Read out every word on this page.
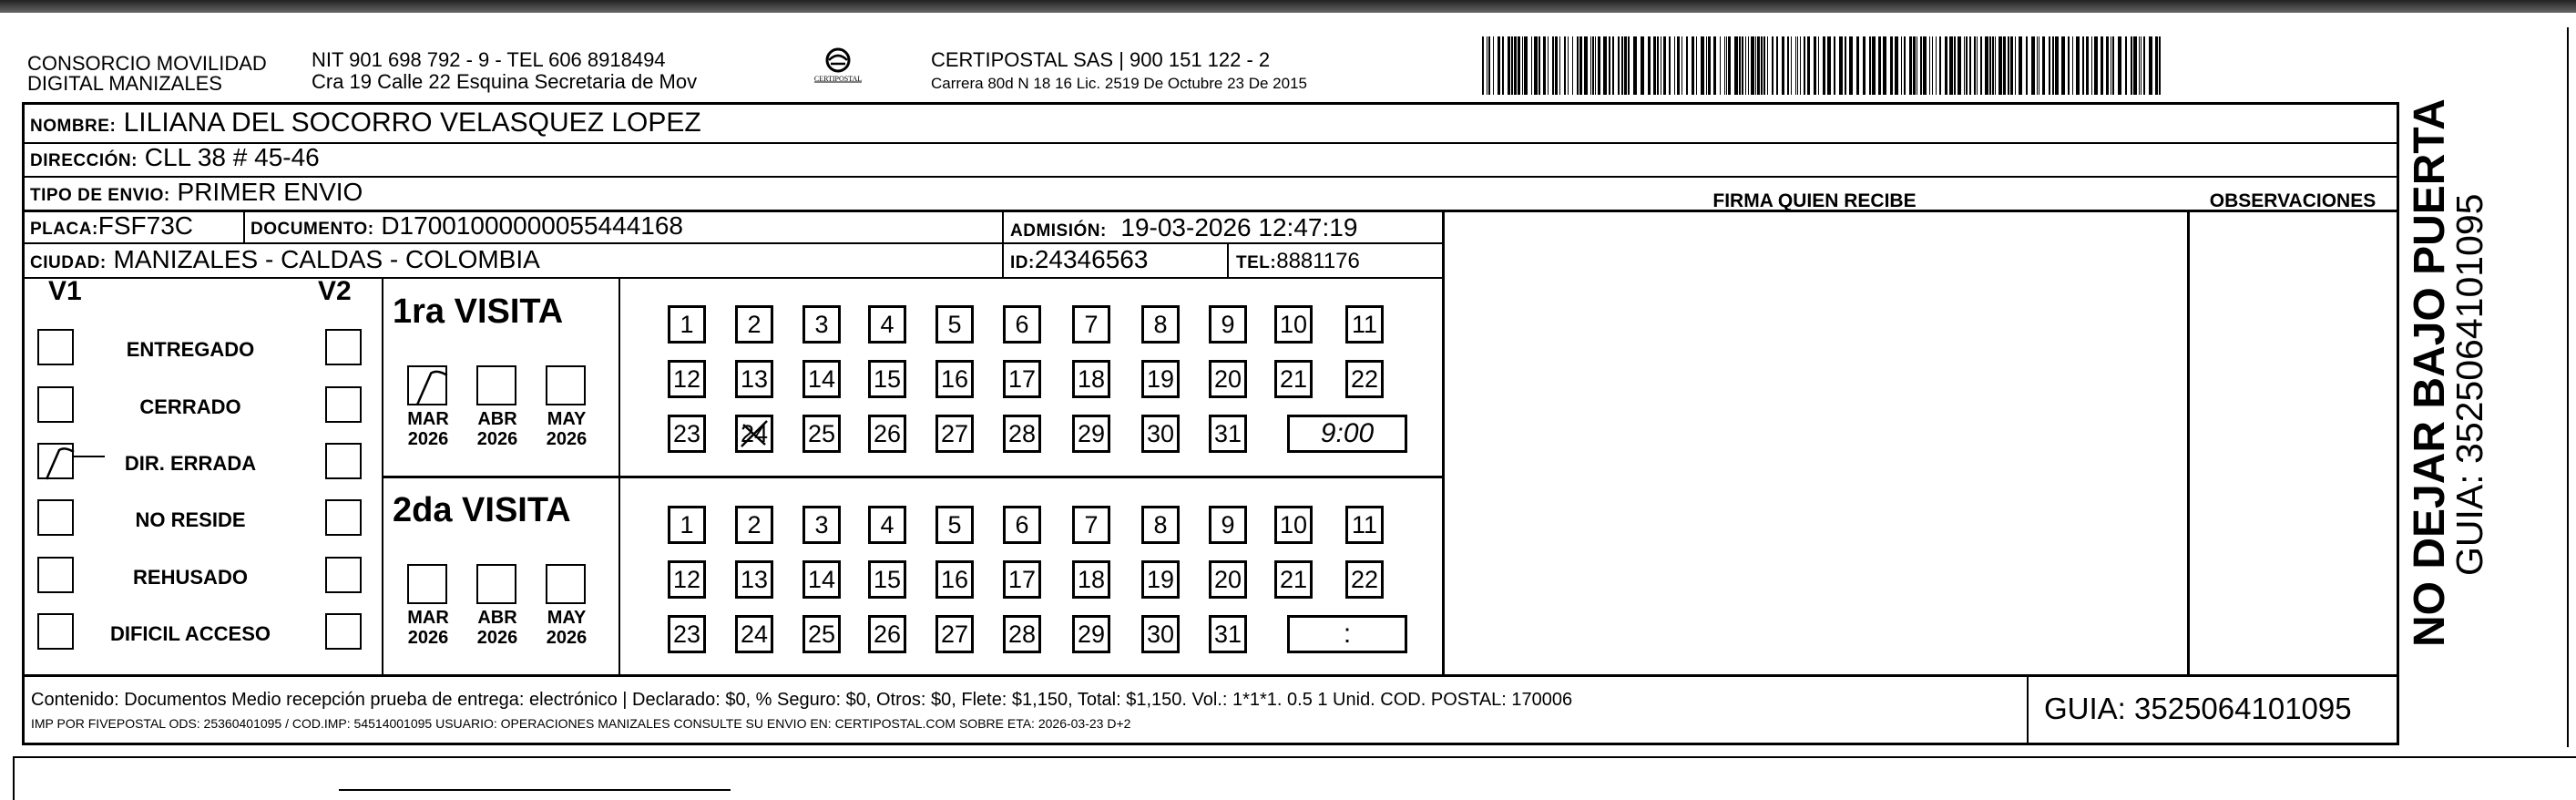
CONSORCIO MOVILIDAD
DIGITAL MANIZALES
NIT 901 698 792 - 9 - TEL 606 8918494
Cra 19 Calle 22 Esquina Secretaria de Mov	CERTIPOSTAL
CERTIPOSTAL SAS | 900 151 122 - 2
Carrera 80d N 18 16 Lic. 2519 De Octubre 23 De 2015
NOMBRE: LILIANA DEL SOCORRO VELASQUEZ LOPEZ
DIRECCIÓN: CLL 38 # 45-46
TIPO DE ENVIO: PRIMER ENVIO
PLACA:FSF73C	DOCUMENTO: D17001000000055444168	ADMISIÓN: 19-03-2026 12:47:19
CIUDAD: MANIZALES - CALDAS - COLOMBIA	ID:24346563	TEL:8881176
FIRMA QUIEN RECIBE	OBSERVACIONES
V1	V2
ENTREGADO
CERRADO
DIR. ERRADA
NO RESIDE
REHUSADO
DIFICIL ACCESO
1ra VISITA
2da VISITA
MAR
2026
ABR
2026
MAY
2026
MAR
2026
ABR
2026
MAY
2026
1	2	3	4	5	6	7	8	9	10 11
12 13 14 15 16 17 18 19 20 21 22
23 24 25 26 27 28 29 30 31	9:00
1	2	3	4	5	6	7	8	9	10 11
12 13 14 15 16 17 18 19 20 21 22
23 24 25 26 27 28 29 30 31	:
Contenido: Documentos Medio recepción prueba de entrega: electrónico | Declarado: $0, % Seguro: $0, Otros: $0, Flete: $1,150, Total: $1,150. Vol.: 1*1*1. 0.5 1 Unid. COD. POSTAL: 170006
IMP POR FIVEPOSTAL ODS: 25360401095 / COD.IMP: 54514001095 USUARIO: OPERACIONES MANIZALES CONSULTE SU ENVIO EN: CERTIPOSTAL.COM SOBRE ETA: 2026-03-23 D+2	GUIA: 3525064101095
NO DEJAR BAJO PUERTA
GUIA: 3525064101095
